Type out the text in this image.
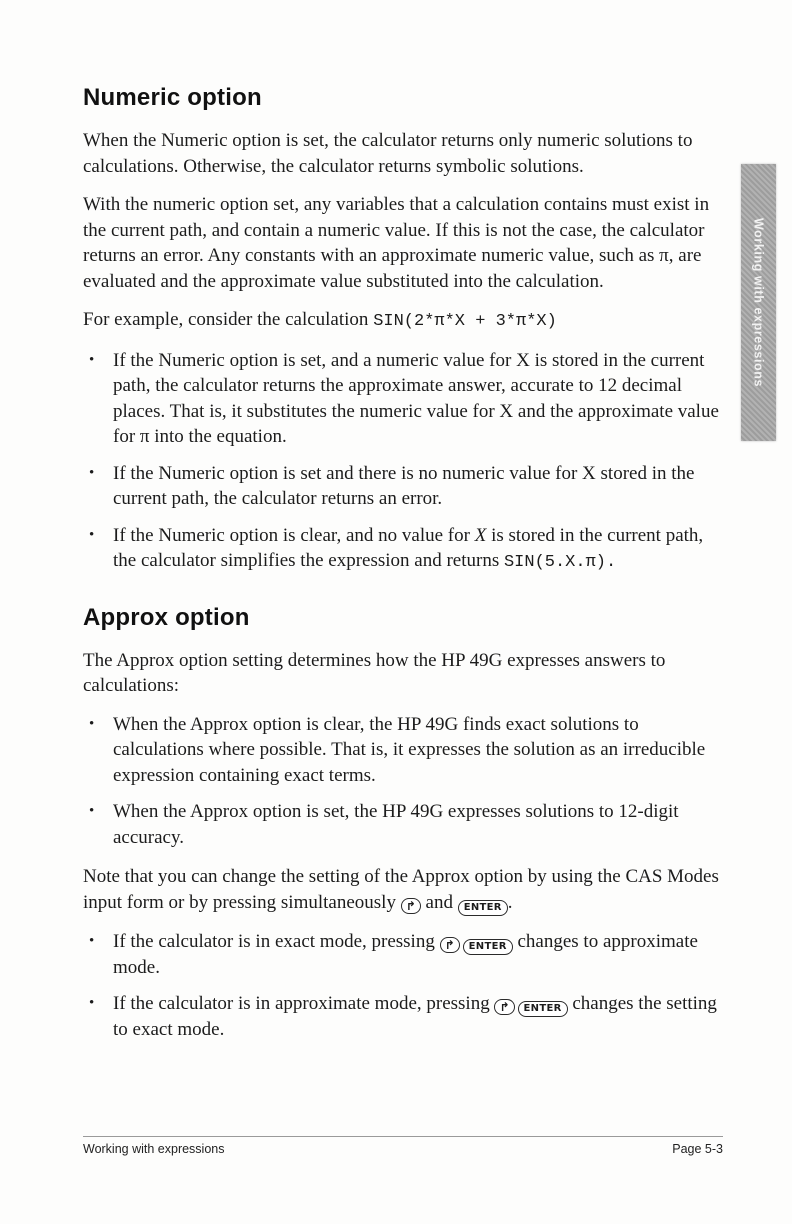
Working with expressions
Numeric option

When the Numeric option is set, the calculator returns only numeric solutions to calculations. Otherwise, the calculator returns symbolic solutions.

With the numeric option set, any variables that a calculation contains must exist in the current path, and contain a numeric value. If this is not the case, the calculator returns an error. Any constants with an approximate numeric value, such as π, are evaluated and the approximate value substituted into the calculation.

For example, consider the calculation SIN(2*π*X + 3*π*X)

• If the Numeric option is set, and a numeric value for X is stored in the current path, the calculator returns the approximate answer, accurate to 12 decimal places. That is, it substitutes the numeric value for X and the approximate value for π into the equation.
• If the Numeric option is set and there is no numeric value for X stored in the current path, the calculator returns an error.
• If the Numeric option is clear, and no value for X is stored in the current path, the calculator simplifies the expression and returns SIN(5.X.π).
Approx option

The Approx option setting determines how the HP 49G expresses answers to calculations:

• When the Approx option is clear, the HP 49G finds exact solutions to calculations where possible. That is, it expresses the solution as an irreducible expression containing exact terms.
• When the Approx option is set, the HP 49G expresses solutions to 12-digit accuracy.

Note that you can change the setting of the Approx option by using the CAS Modes input form or by pressing simultaneously ↱ and ENTER .

• If the calculator is in exact mode, pressing ↱ ENTER changes to approximate mode.
• If the calculator is in approximate mode, pressing ↱ ENTER changes the setting to exact mode.
Working with expressions	Page 5-3
